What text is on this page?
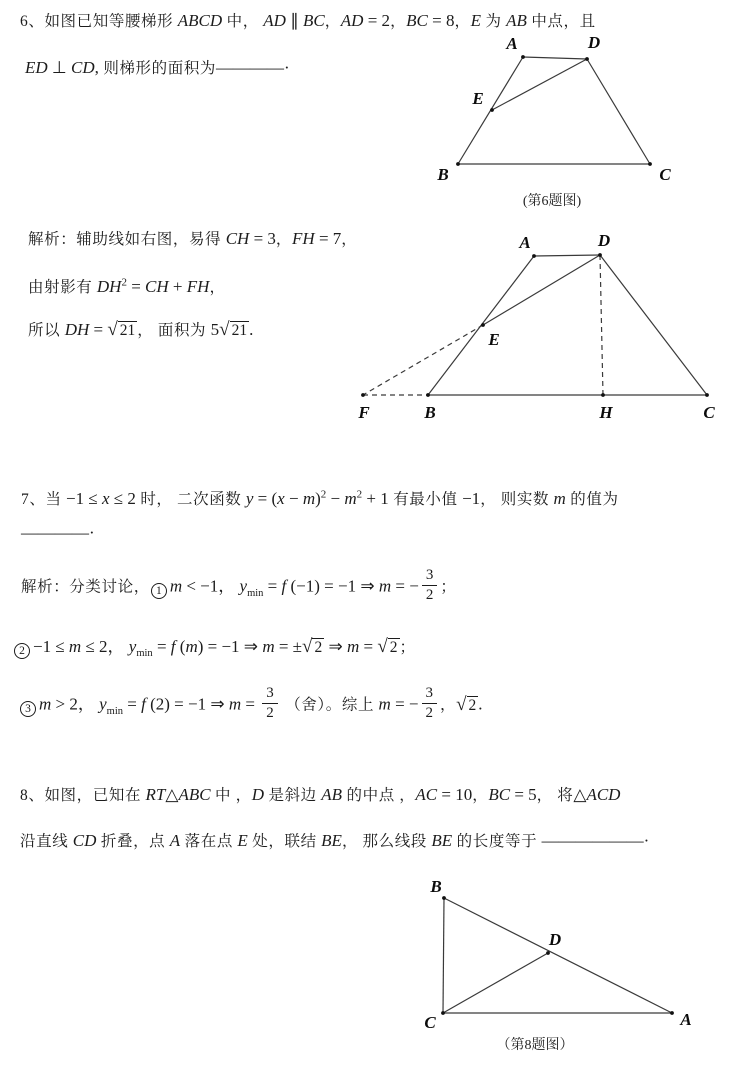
6、如图已知等腰梯形 ABCD 中， AD ∥ BC，AD = 2，BC = 8，E 为 AB 中点，且
ED ⊥ CD, 则梯形的面积为————·
A	D
E
B	C
(第6题图)
解析：辅助线如右图，易得 CH = 3，FH = 7，
由射影有 $DH^2$ = CH + FH，
所以 DH = √ 21 ， 面积为 5√ 21 .
A	D
E
F	B	H	C
7、当 −1 ≤ x ≤ 2 时， 二次函数 $y = (x - m)^2 - m^2 + 1$ 有最小值 −1， 则实数 m 的值为
————·
解析：分类讨论， 1 m < −1， $y_{min} = f$ (−1) = −1 ⇒ m = − $\frac{3}{2}$ ；
2 −1 ≤ m ≤ 2， $y_{min} = f$ (m) = −1 ⇒ m = ±√ 2 ⇒ m = √ 2 ；
3 m > 2， $y_{min} = f$ (2) = −1 ⇒ $m = \frac{3}{2}$ （舍）。综上 m = − $\frac{3}{2}$ ，√ 2 .
8、如图，已知在 RT△ABC 中 ，D 是斜边 AB 的中点 ，AC = 10，BC = 5， 将△ACD
沿直线 CD 折叠，点 A 落在点 E 处，联结 BE， 那么线段 BE 的长度等于 ——————·
B
C	A
D
（第8题图）
